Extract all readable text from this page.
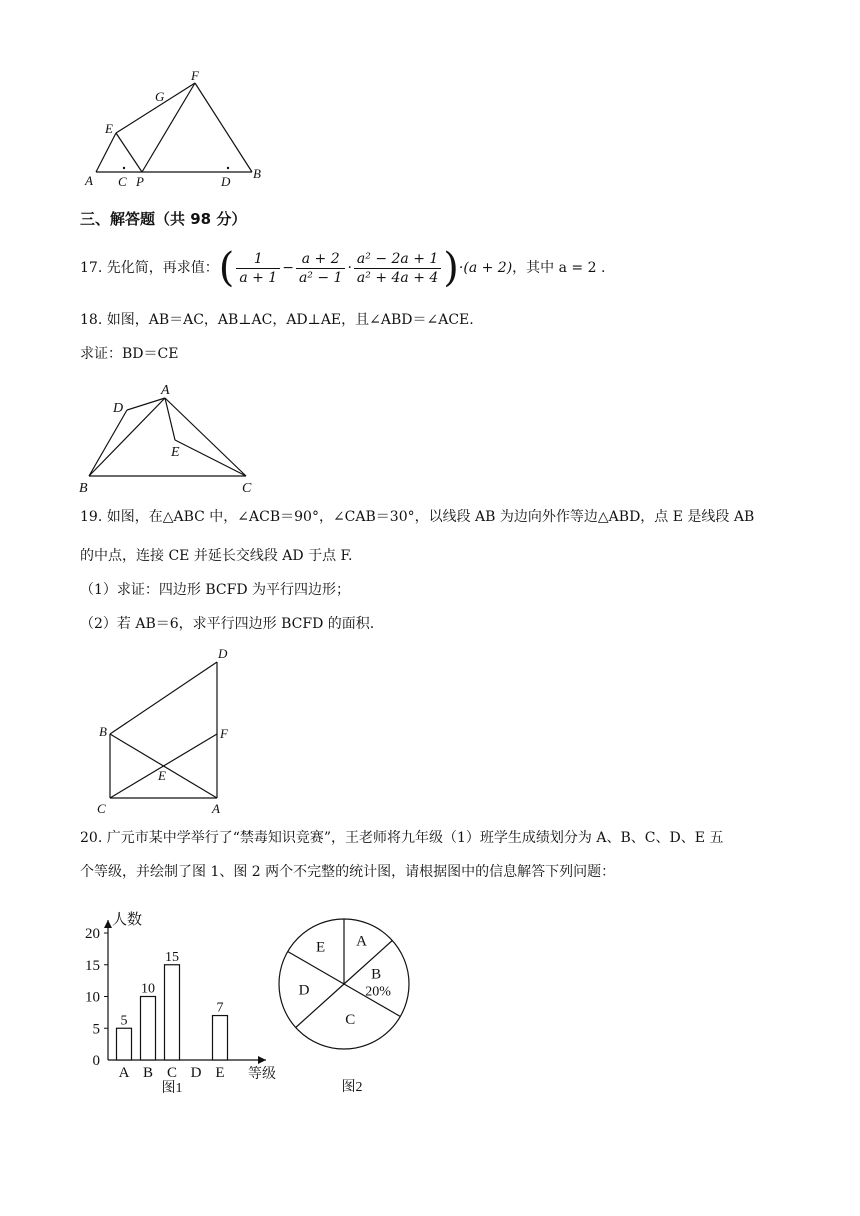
A C P	D
B
E
G
F
三、解答题（共 98 分）
17. 先化简，再求值：( $\frac{1}{a + 1} - \frac{a + 2}{\text{a² − 1}} \cdot \frac{\text{a² − 2a + 1}}{\text{a² + 4a + 4}} )\cdot(a + 2)$，其中 a = 2 .
18. 如图，AB＝AC，AB⊥AC，AD⊥AE，且∠ABD＝∠ACE.
求证：BD＝CE
A
D
E
B	C
19. 如图，在△ABC 中，∠ACB＝90°，∠CAB＝30°，以线段 AB 为边向外作等边△ABD，点 E 是线段 AB
的中点，连接 CE 并延长交线段 AD 于点 F.
（1）求证：四边形 BCFD 为平行四边形；
（2）若 AB＝6，求平行四边形 BCFD 的面积.
D
B	F
E
C	A
20. 广元市某中学举行了“禁毒知识竞赛”，王老师将九年级（1）班学生成绩划分为 A、B、C、D、E 五
个等级，并绘制了图 1、图 2 两个不完整的统计图，请根据图中的信息解答下列问题：
人数
0
5
10
15
20
5
A
10
B
15
C D
7
E 等级
图1
A
B
20%
C
D
E
图2
